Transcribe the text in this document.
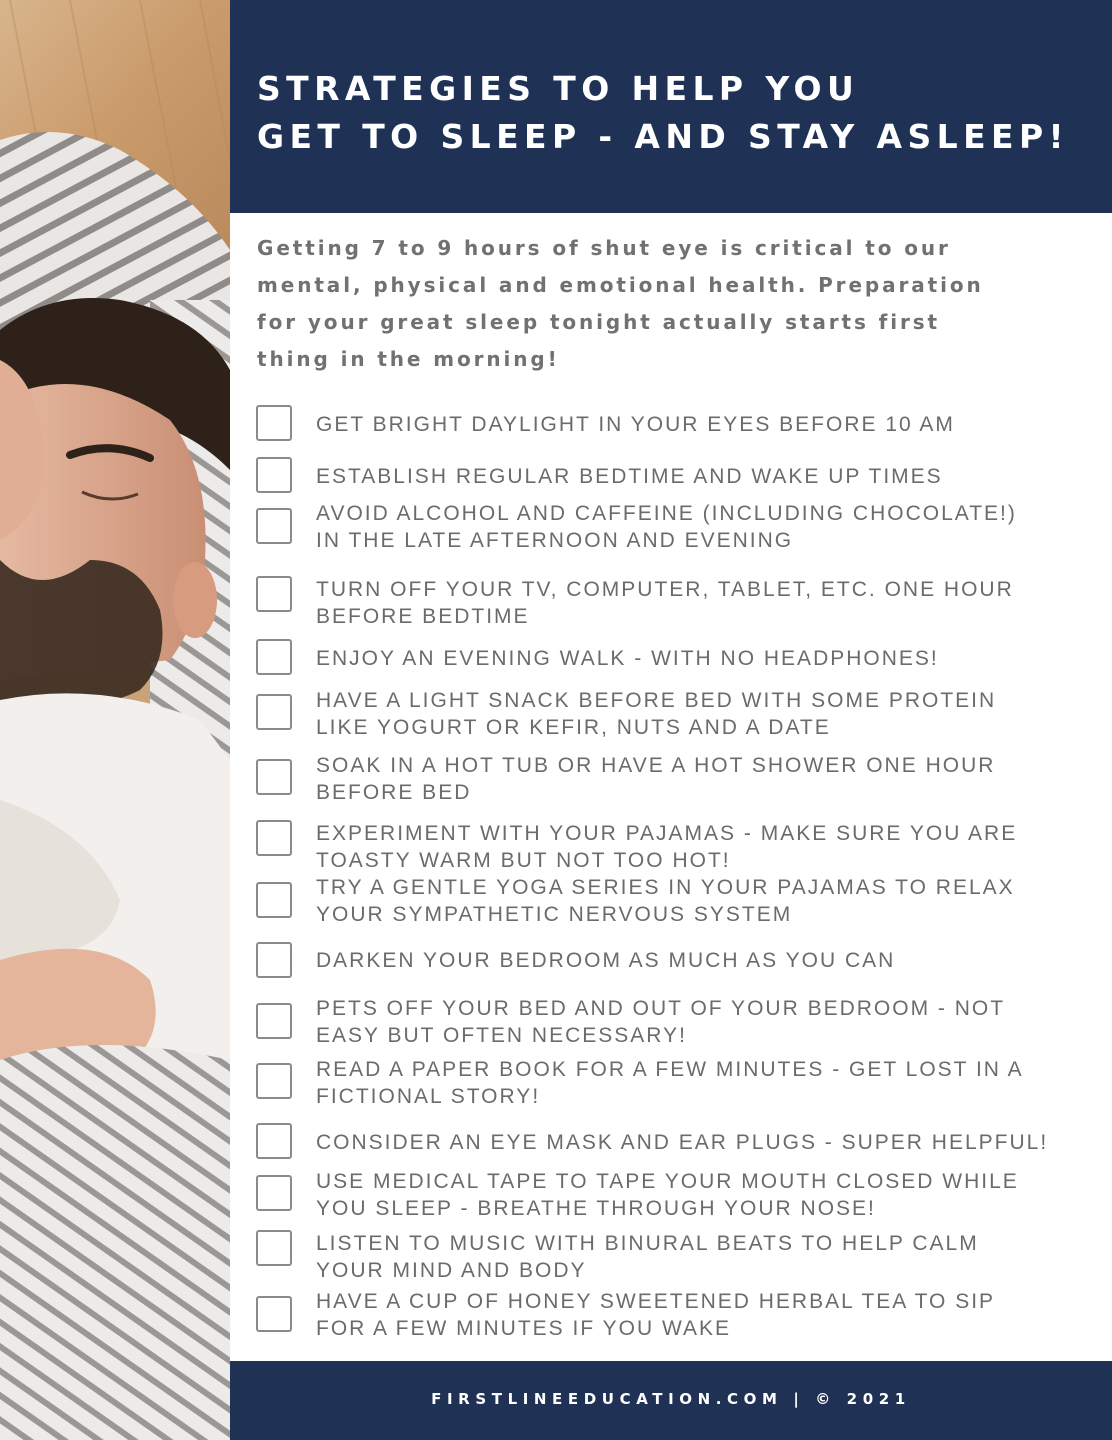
STRATEGIES TO HELP YOU
GET TO SLEEP - AND STAY ASLEEP!
Getting 7 to 9 hours of shut eye is critical to our
mental, physical and emotional health. Preparation
for your great sleep tonight actually starts first
thing in the morning!
GET BRIGHT DAYLIGHT IN YOUR EYES BEFORE 10 AM
ESTABLISH REGULAR BEDTIME AND WAKE UP TIMES
AVOID ALCOHOL AND CAFFEINE (INCLUDING CHOCOLATE!)
IN THE LATE AFTERNOON AND EVENING
TURN OFF YOUR TV, COMPUTER, TABLET, ETC. ONE HOUR
BEFORE BEDTIME
ENJOY AN EVENING WALK - WITH NO HEADPHONES!
HAVE A LIGHT SNACK BEFORE BED WITH SOME PROTEIN
LIKE YOGURT OR KEFIR, NUTS AND A DATE
SOAK IN A HOT TUB OR HAVE A HOT SHOWER ONE HOUR
BEFORE BED
EXPERIMENT WITH YOUR PAJAMAS - MAKE SURE YOU ARE
TOASTY WARM BUT NOT TOO HOT!
TRY A GENTLE YOGA SERIES IN YOUR PAJAMAS TO RELAX
YOUR SYMPATHETIC NERVOUS SYSTEM
DARKEN YOUR BEDROOM AS MUCH AS YOU CAN
PETS OFF YOUR BED AND OUT OF YOUR BEDROOM - NOT
EASY BUT OFTEN NECESSARY!
READ A PAPER BOOK FOR A FEW MINUTES - GET LOST IN A
FICTIONAL STORY!
CONSIDER AN EYE MASK AND EAR PLUGS - SUPER HELPFUL!
USE MEDICAL TAPE TO TAPE YOUR MOUTH CLOSED WHILE
YOU SLEEP - BREATHE THROUGH YOUR NOSE!
LISTEN TO MUSIC WITH BINURAL BEATS TO HELP CALM
YOUR MIND AND BODY
HAVE A CUP OF HONEY SWEETENED HERBAL TEA TO SIP
FOR A FEW MINUTES IF YOU WAKE
FIRSTLINEEDUCATION.COM | © 2021
